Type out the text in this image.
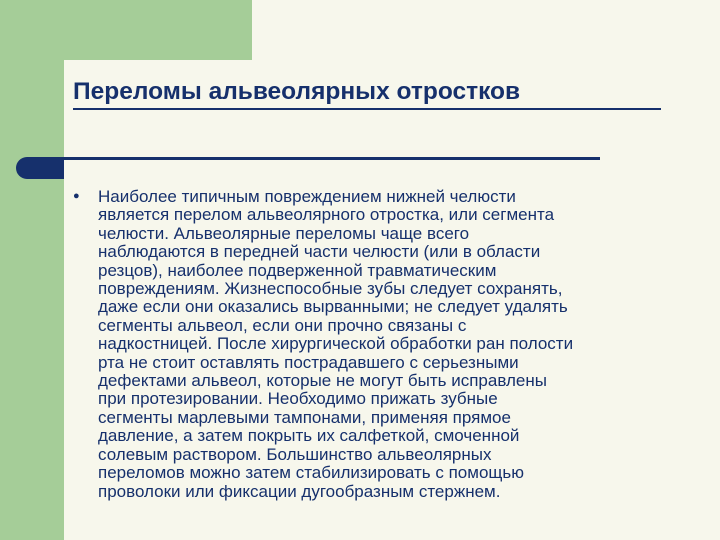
Переломы альвеолярных отростков
● Наиболее типичным повреждением нижней челюсти
является перелом альвеолярного отростка, или сегмента
челюсти. Альвеолярные переломы чаще всего
наблюдаются в передней части челюсти (или в области
резцов), наиболее подверженной травматическим
повреждениям. Жизнеспособные зубы следует сохранять,
даже если они оказались вырванными; не следует удалять
сегменты альвеол, если они прочно связаны с
надкостницей. После хирургической обработки ран полости
рта не стоит оставлять пострадавшего с серьезными
дефектами альвеол, которые не могут быть исправлены
при протезировании. Необходимо прижать зубные
сегменты марлевыми тампонами, применяя прямое
давление, а затем покрыть их салфеткой, смоченной
солевым раствором. Большинство альвеолярных
переломов можно затем стабилизировать с помощью
проволоки или фиксации дугообразным стержнем.
